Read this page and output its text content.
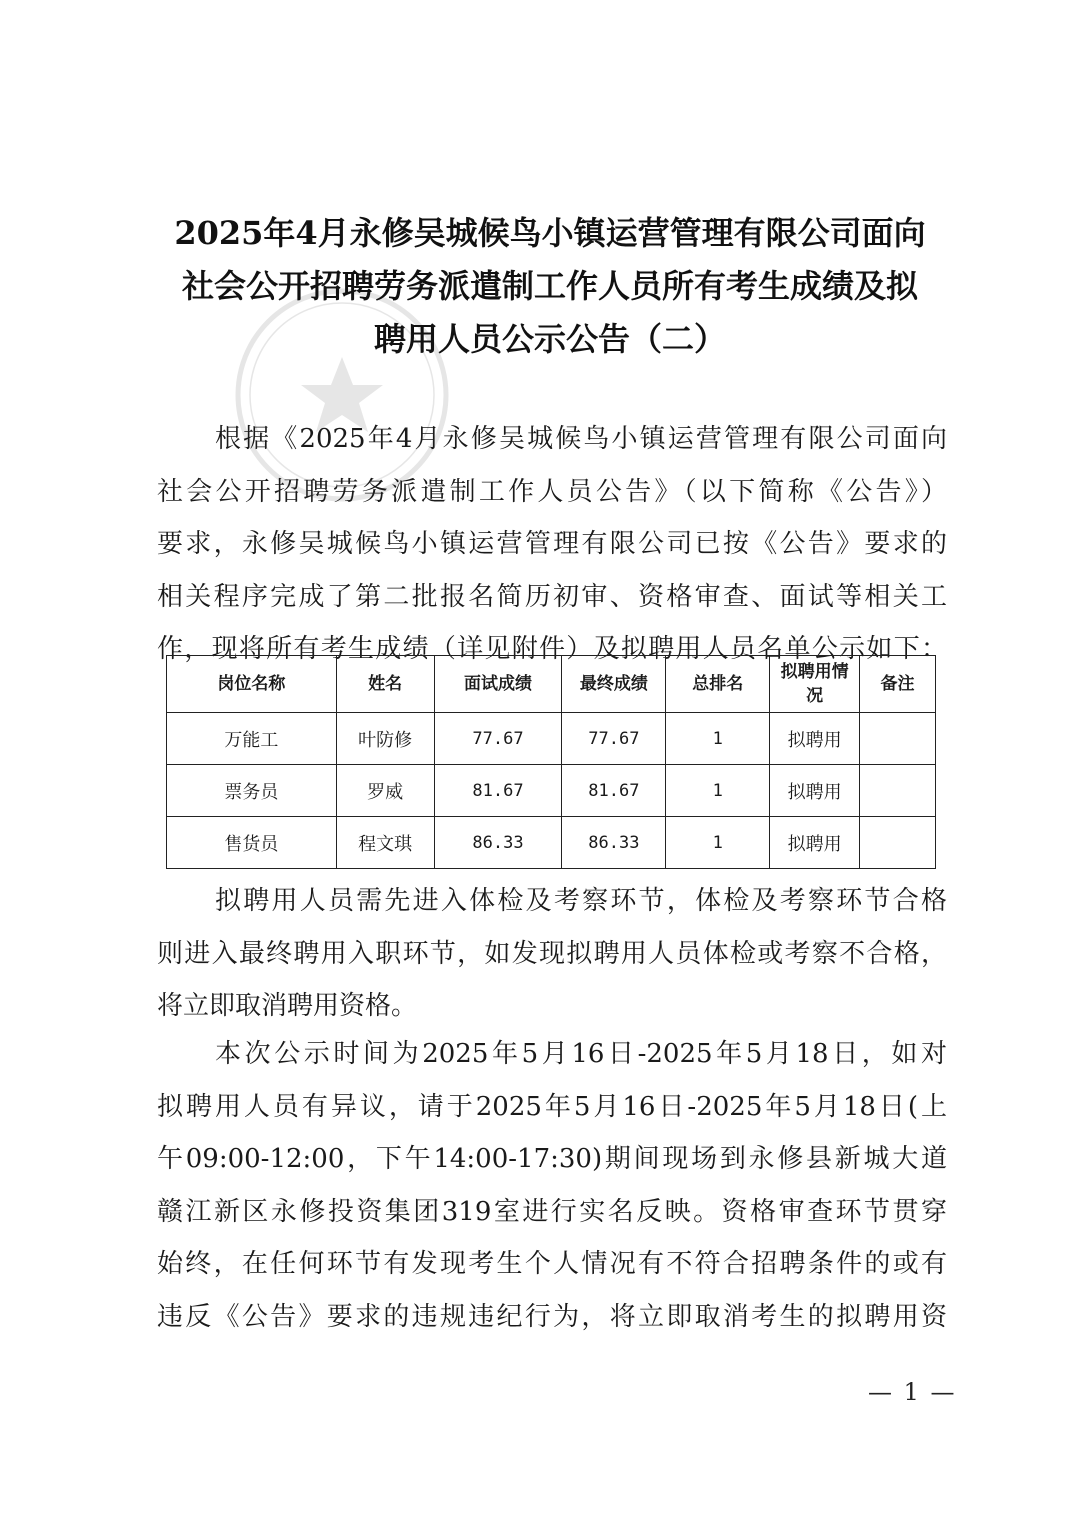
2025年4月永修吴城候鸟小镇运营管理有限公司面向
社会公开招聘劳务派遣制工作人员所有考生成绩及拟
聘用人员公示公告（二）
根据《2025年4月永修吴城候鸟小镇运营管理有限公司面向
社会公开招聘劳务派遣制工作人员公告》（以下简称《公告》）
要求，永修吴城候鸟小镇运营管理有限公司已按《公告》要求的
相关程序完成了第二批报名简历初审、资格审查、面试等相关工
作，现将所有考生成绩（详见附件）及拟聘用人员名单公示如下：
岗位名称	姓名	面试成绩	最终成绩	总排名	拟聘用情况	备注
万能工	叶防修	77.67	77.67	1	拟聘用	
票务员	罗威	81.67	81.67	1	拟聘用	
售货员	程文琪	86.33	86.33	1	拟聘用	
拟聘用人员需先进入体检及考察环节，体检及考察环节合格
则进入最终聘用入职环节，如发现拟聘用人员体检或考察不合格，
将立即取消聘用资格。
本次公示时间为2025年5月16日-2025年5月18日，如对
拟聘用人员有异议，请于2025年5月16日-2025年5月18日(上
午09:00-12:00，下午14:00-17:30)期间现场到永修县新城大道
赣江新区永修投资集团319室进行实名反映。资格审查环节贯穿
始终，在任何环节有发现考生个人情况有不符合招聘条件的或有
违反《公告》要求的违规违纪行为，将立即取消考生的拟聘用资
— 1 —
